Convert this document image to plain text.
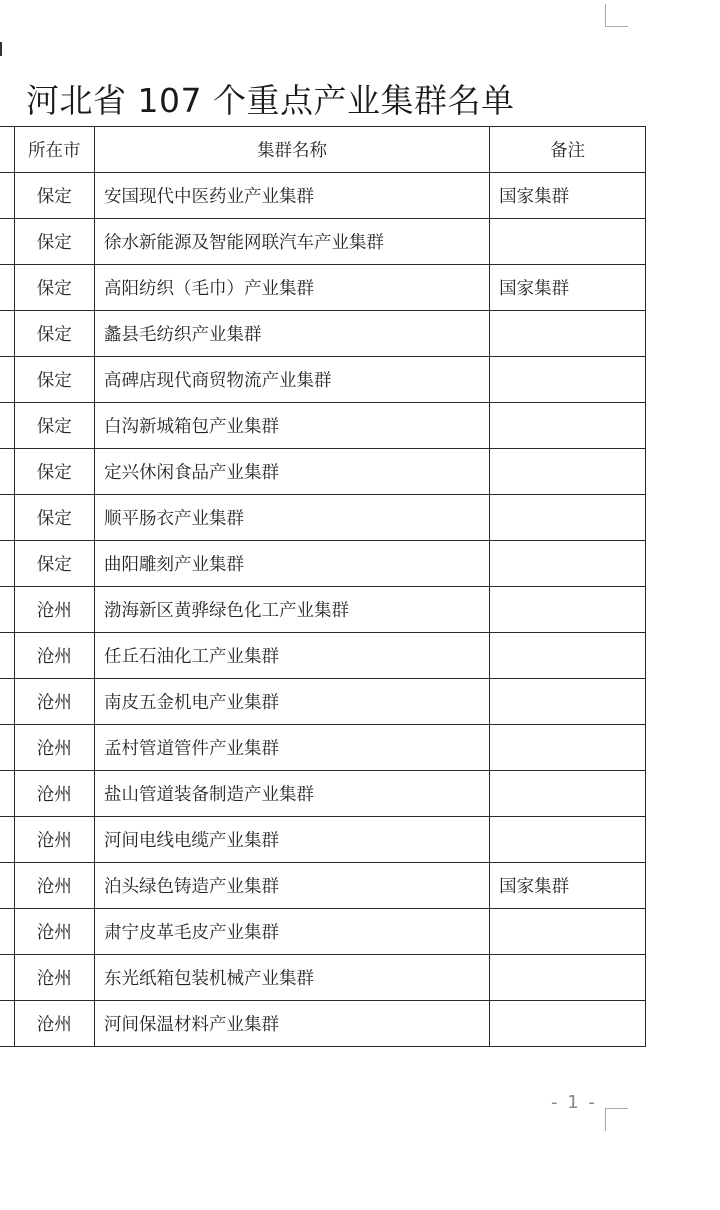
河北省 107 个重点产业集群名单
	所在市	集群名称	备注
	保定	安国现代中医药业产业集群	国家集群
	保定	徐水新能源及智能网联汽车产业集群	
	保定	高阳纺织（毛巾）产业集群	国家集群
	保定	蠡县毛纺织产业集群	
	保定	高碑店现代商贸物流产业集群	
	保定	白沟新城箱包产业集群	
	保定	定兴休闲食品产业集群	
	保定	顺平肠衣产业集群	
	保定	曲阳雕刻产业集群	
	沧州	渤海新区黄骅绿色化工产业集群	
	沧州	任丘石油化工产业集群	
	沧州	南皮五金机电产业集群	
	沧州	孟村管道管件产业集群	
	沧州	盐山管道装备制造产业集群	
	沧州	河间电线电缆产业集群	
	沧州	泊头绿色铸造产业集群	国家集群
	沧州	肃宁皮革毛皮产业集群	
	沧州	东光纸箱包装机械产业集群	
	沧州	河间保温材料产业集群	
- 1 -
